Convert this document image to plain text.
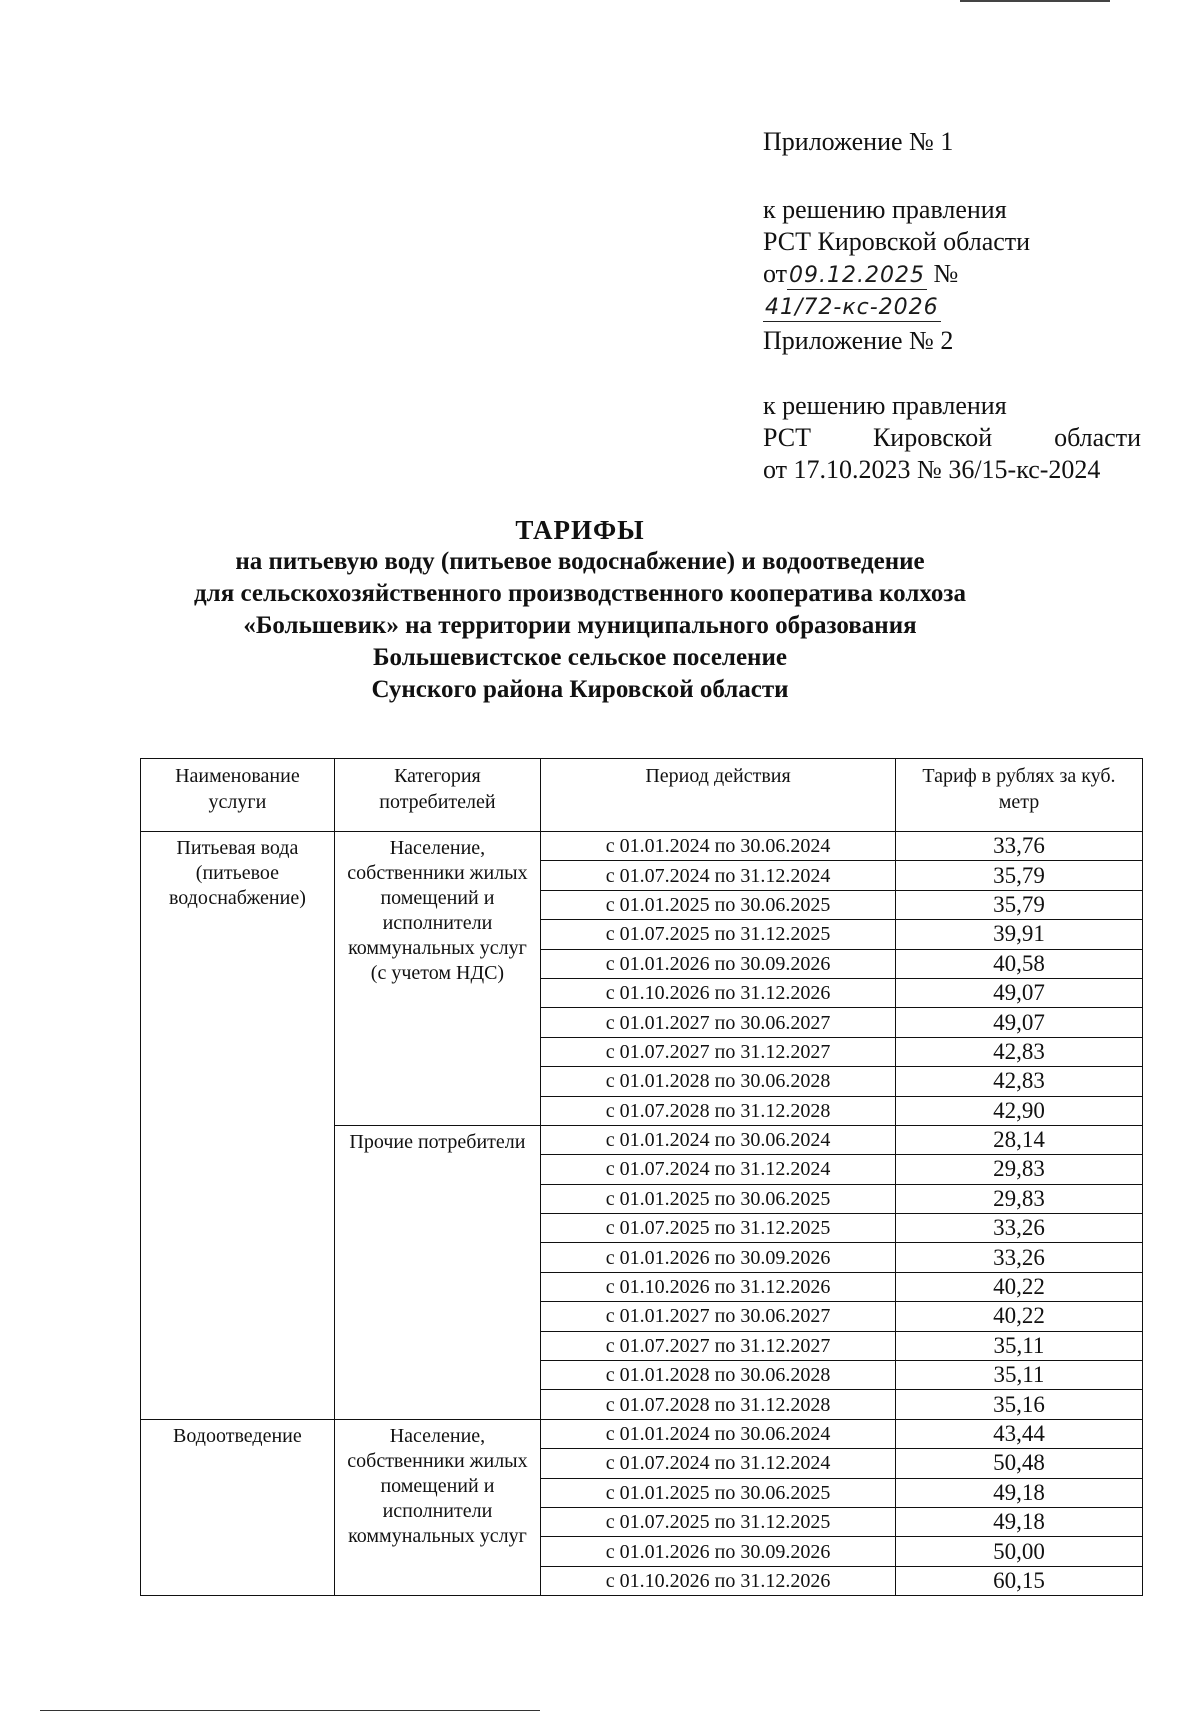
Приложение № 1

к решению правления

РСТ Кировской области

от09.12.2025 № 41/72-кс-2026

Приложение № 2

к решению правления

РСТ Кировской области

от 17.10.2023 № 36/15-кс-2024

ТАРИФЫ
на питьевую воду (питьевое водоснабжение) и водоотведение
для сельскохозяйственного производственного кооператива колхоза
«Большевик» на территории муниципального образования
Большевистское сельское поселение
Сунского района Кировской области
Наименование услуги	Категория потребителей	Период действия	Тариф в рублях за куб. метр
Питьевая вода (питьевое водоснабжение)	Население, собственники жилых помещений и исполнители коммунальных услуг (с учетом НДС)	с 01.01.2024 по 30.06.2024	33,76
		с 01.07.2024 по 31.12.2024	35,79
		с 01.01.2025 по 30.06.2025	35,79
		с 01.07.2025 по 31.12.2025	39,91
		с 01.01.2026 по 30.09.2026	40,58
		с 01.10.2026 по 31.12.2026	49,07
		с 01.01.2027 по 30.06.2027	49,07
		с 01.07.2027 по 31.12.2027	42,83
		с 01.01.2028 по 30.06.2028	42,83
		с 01.07.2028 по 31.12.2028	42,90
	Прочие потребители	с 01.01.2024 по 30.06.2024	28,14
		с 01.07.2024 по 31.12.2024	29,83
		с 01.01.2025 по 30.06.2025	29,83
		с 01.07.2025 по 31.12.2025	33,26
		с 01.01.2026 по 30.09.2026	33,26
		с 01.10.2026 по 31.12.2026	40,22
		с 01.01.2027 по 30.06.2027	40,22
		с 01.07.2027 по 31.12.2027	35,11
		с 01.01.2028 по 30.06.2028	35,11
		с 01.07.2028 по 31.12.2028	35,16
Водоотведение	Население, собственники жилых помещений и исполнители коммунальных услуг	с 01.01.2024 по 30.06.2024	43,44
		с 01.07.2024 по 31.12.2024	50,48
		с 01.01.2025 по 30.06.2025	49,18
		с 01.07.2025 по 31.12.2025	49,18
		с 01.01.2026 по 30.09.2026	50,00
		с 01.10.2026 по 31.12.2026	60,15
